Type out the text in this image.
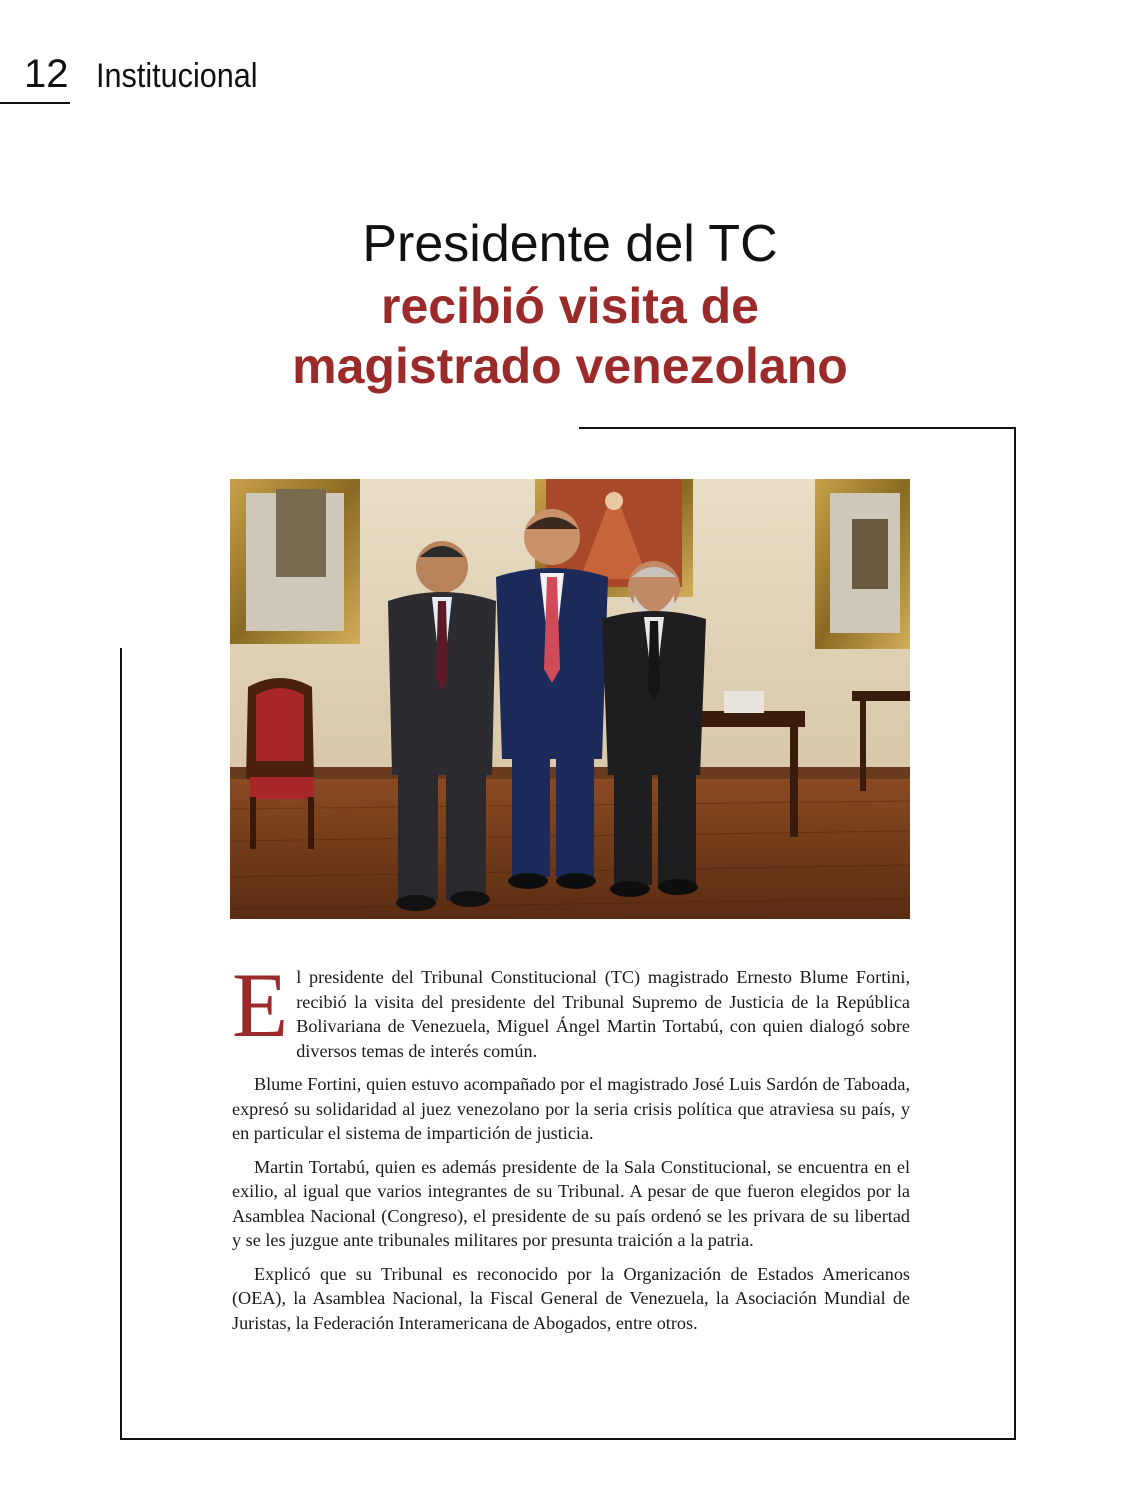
12 Institucional
Presidente del TC
recibió visita de
magistrado venezolano

El presidente del Tribunal Constitucional (TC) magistrado Ernesto Blume Fortini, recibió la visita del presidente del Tribunal Supremo de Justicia de la República Bolivariana de Venezuela, Miguel Ángel Martin Tortabú, con quien dialogó sobre diversos temas de interés común.

Blume Fortini, quien estuvo acompañado por el magistrado José Luis Sardón de Taboada, expresó su solidaridad al juez venezolano por la seria crisis política que atraviesa su país, y en particular el sistema de impartición de justicia.

Martin Tortabú, quien es además presidente de la Sala Constitucional, se encuentra en el exilio, al igual que varios integrantes de su Tribunal. A pesar de que fueron elegidos por la Asamblea Nacional (Congreso), el presidente de su país ordenó se les privara de su libertad y se les juzgue ante tribunales militares por presunta traición a la patria.

Explicó que su Tribunal es reconocido por la Organización de Estados Americanos (OEA), la Asamblea Nacional, la Fiscal General de Venezuela, la Asociación Mundial de Juristas, la Federación Interamericana de Abogados, entre otros.
